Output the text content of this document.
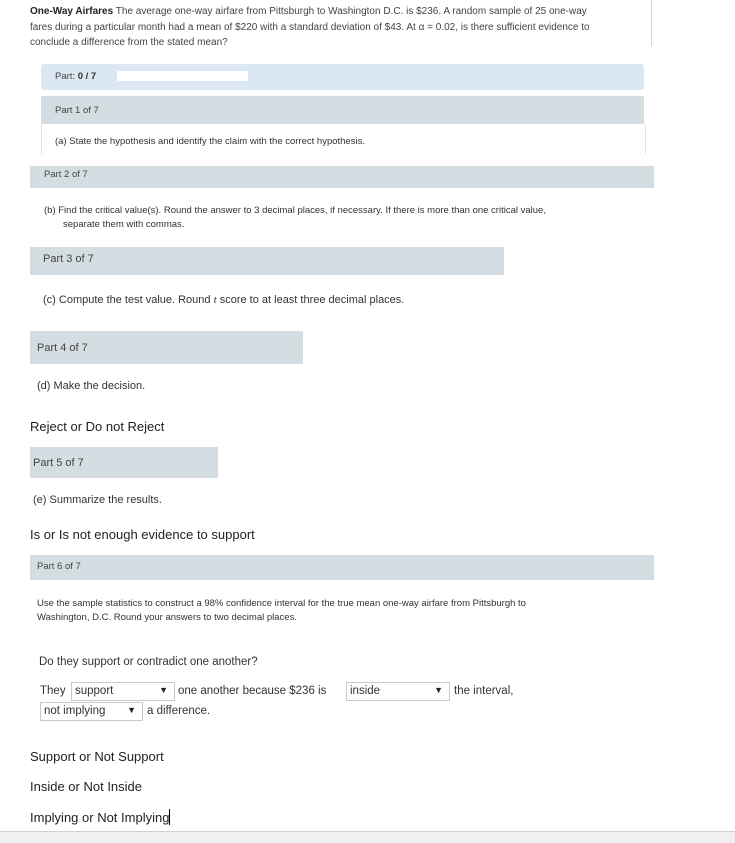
One-Way Airfares The average one-way airfare from Pittsburgh to Washington D.C. is $236. A random sample of 25 one-way
fares during a particular month had a mean of $220 with a standard deviation of $43. At α = 0.02, is there sufficient evidence to
conclude a difference from the stated mean?
Part: 0 / 7
Part 1 of 7
(a) State the hypothesis and identify the claim with the correct hypothesis.
Part 2 of 7
(b) Find the critical value(s). Round the answer to 3 decimal places, if necessary. If there is more than one critical value,
separate them with commas.
Part 3 of 7
(c) Compute the test value. Round t score to at least three decimal places.
Part 4 of 7
(d) Make the decision.
Reject or Do not Reject
Part 5 of 7
(e) Summarize the results.
Is or Is not enough evidence to support
Part 6 of 7
Use the sample statistics to construct a 98% confidence interval for the true mean one-way airfare from Pittsburgh to
Washington, D.C. Round your answers to two decimal places.
Do they support or contradict one another?
They support	▼ one another because $236 is inside	▼ the interval,
not implying ▼ a difference.
Support or Not Support
Inside or Not Inside
Implying or Not Implying
